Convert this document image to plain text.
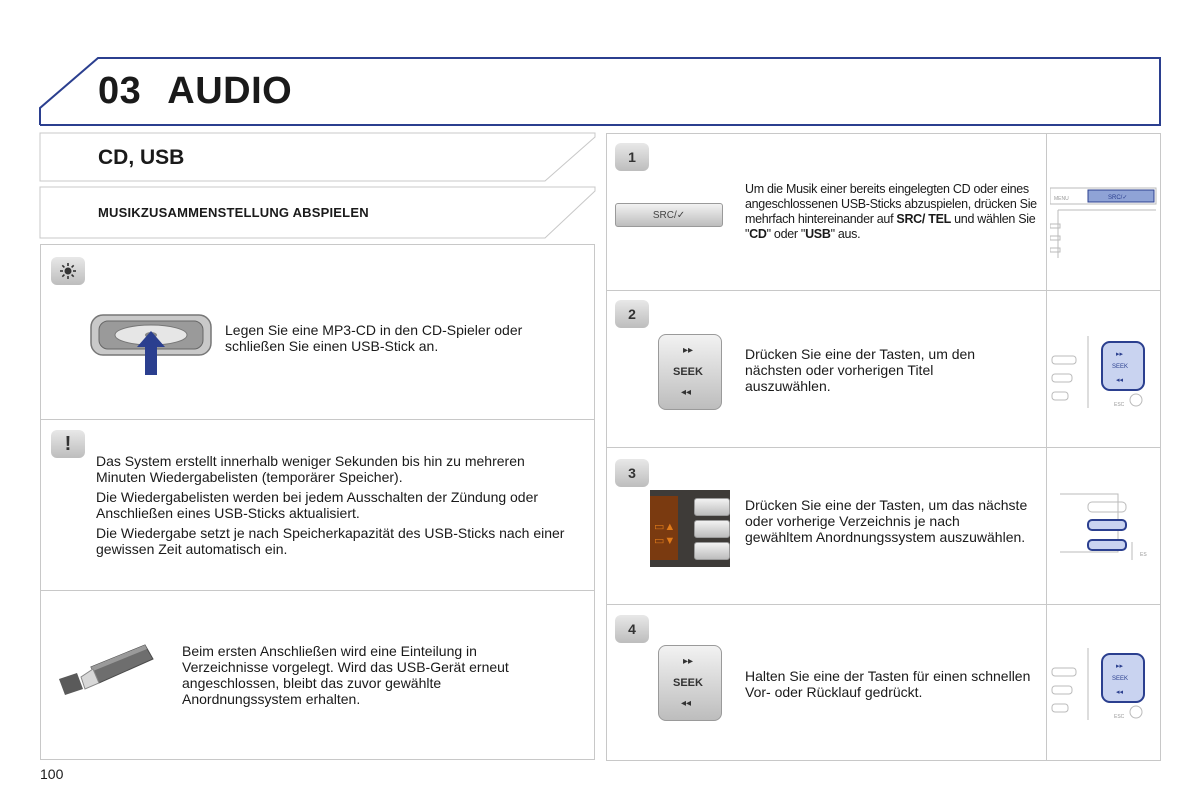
03 AUDIO
CD, USB
MUSIKZUSAMMENSTELLUNG ABSPIELEN
Legen Sie eine MP3-CD in den CD-Spieler oder schließen Sie einen USB-Stick an.
!

Das System erstellt innerhalb weniger Sekunden bis hin zu mehreren Minuten Wiedergabelisten (temporärer Speicher).

Die Wiedergabelisten werden bei jedem Ausschalten der Zündung oder Anschließen eines USB-Sticks aktualisiert.

Die Wiedergabe setzt je nach Speicherkapazität des USB-Sticks nach einer gewissen Zeit automatisch ein.

Beim ersten Anschließen wird eine Einteilung in Verzeichnisse vorgelegt. Wird das USB-Gerät erneut angeschlossen, bleibt das zuvor gewählte Anordnungssystem erhalten.
1
SRC/✓
Um die Musik einer bereits eingelegten CD oder eines angeschlossenen USB-Sticks abzuspielen, drücken Sie mehrfach hintereinander auf SRC/ TEL und wählen Sie "CD" oder "USB" aus.
MENU	SRC/✓
2
▸▸
SEEK
◂◂
Drücken Sie eine der Tasten, um den nächsten oder vorherigen Titel auszuwählen.
▸▸
SEEK
◂◂
ESC
3
▭▲
▭▼
Drücken Sie eine der Tasten, um das nächste oder vorherige Verzeichnis je nach gewähltem Anordnungssystem auszuwählen.
ES
4
▸▸
SEEK
◂◂
Halten Sie eine der Tasten für einen schnellen Vor- oder Rücklauf gedrückt.
▸▸
SEEK
◂◂
ESC
100
